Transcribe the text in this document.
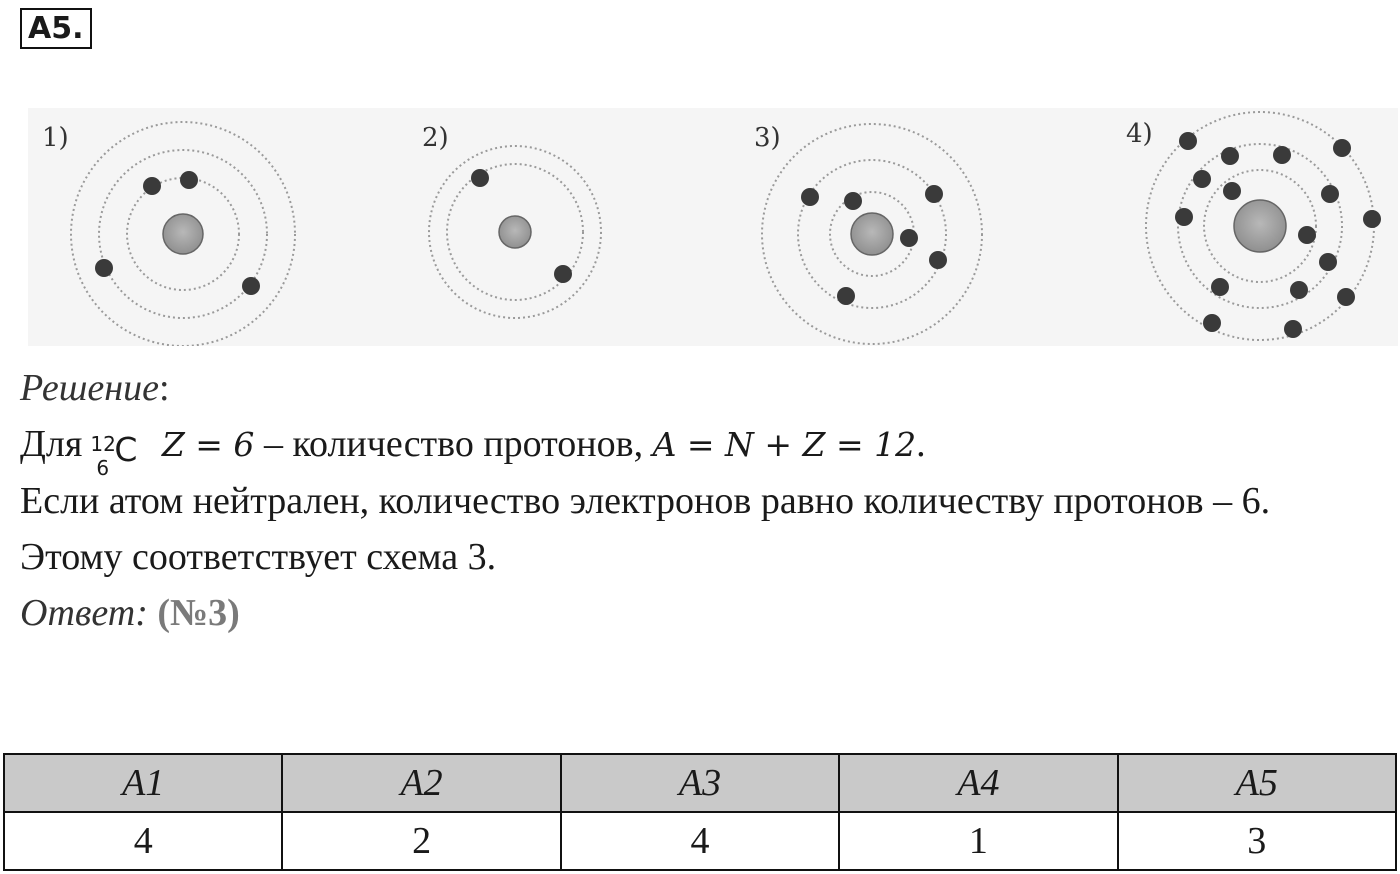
A5.
1)	2)	3)	4)
Решение:
Для 12
6 C Z = 6 – количество протонов, A = N + Z = 12.
Если атом нейтрален, количество электронов равно количеству протонов – 6.
Этому соответствует схема 3.
Ответ: (№3)
A1	A2	A3	A4	A5
4	2	4	1	3
